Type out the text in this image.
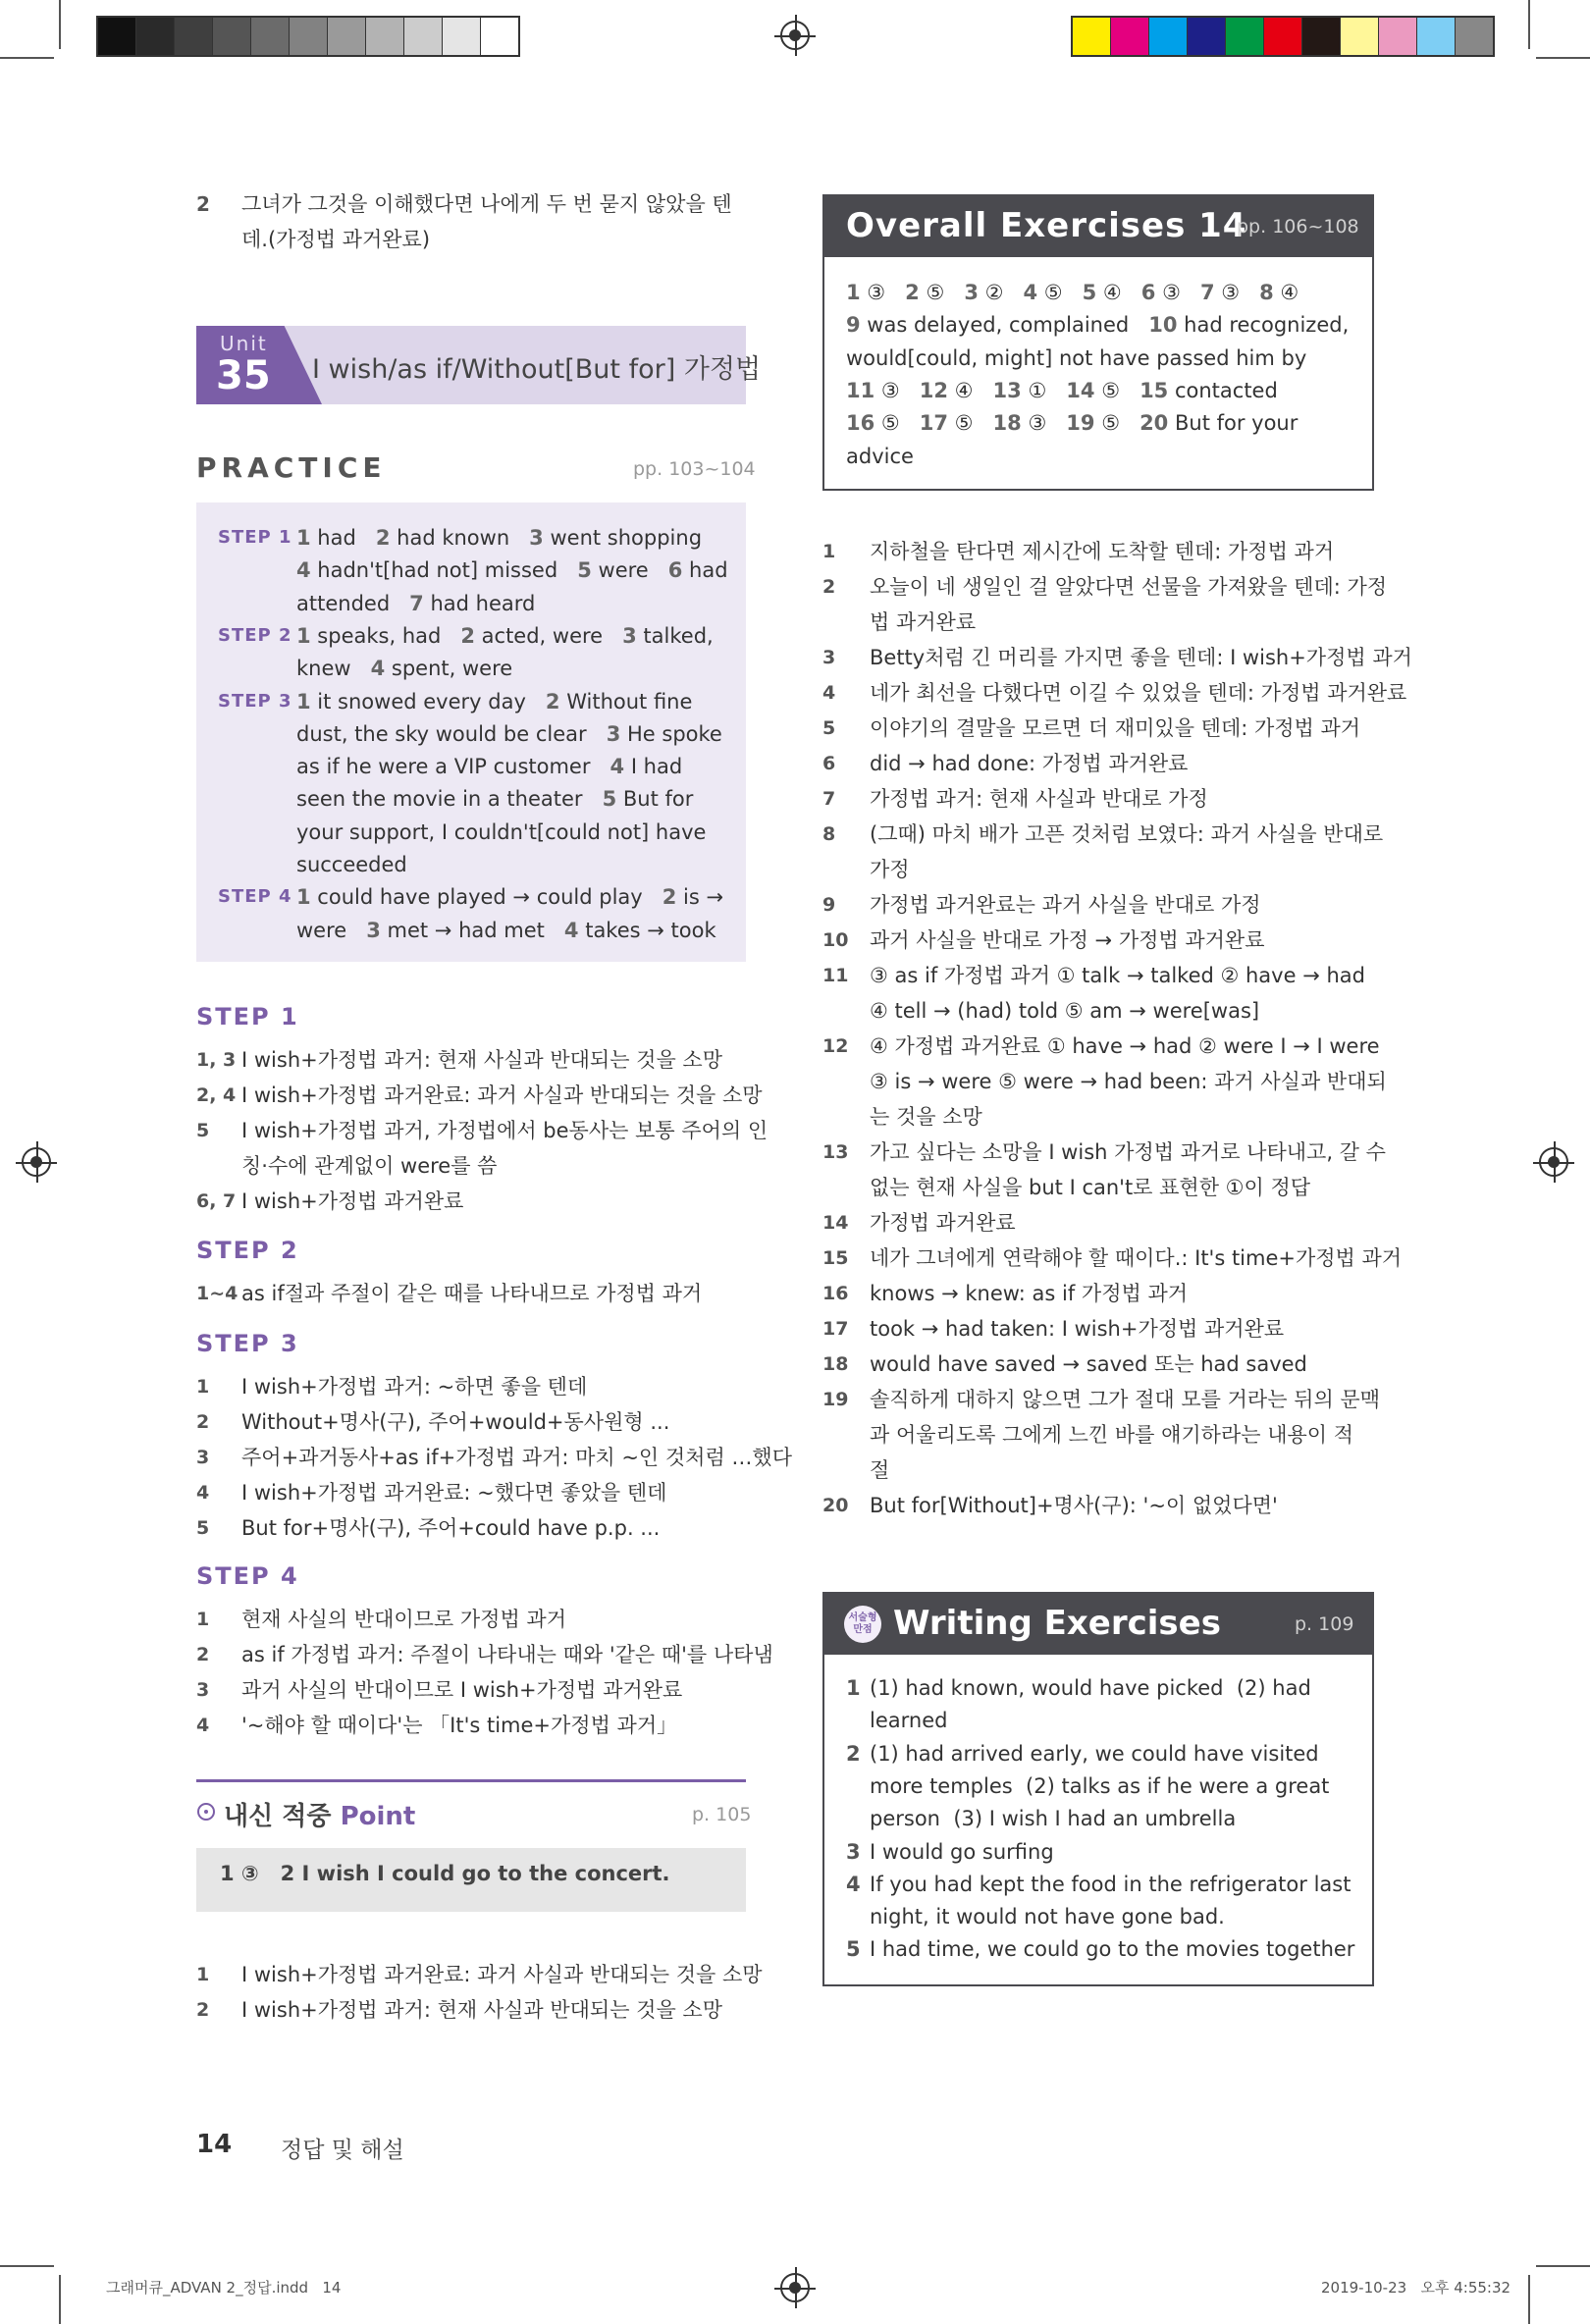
2 그녀가 그것을 이해했다면 나에게 두 번 묻지 않았을 텐
데.(가정법 과거완료)
Unit
35 I wish/as if/Without[But for] 가정법
PRACTICE	pp. 103~104
STEP 1 1 had   2 had known   3 went shopping
4 hadn't[had not] missed   5 were   6 had
attended   7 had heard
STEP 2 1 speaks, had   2 acted, were   3 talked,
knew   4 spent, were
STEP 3 1 it snowed every day   2 Without fine
dust, the sky would be clear   3 He spoke
as if he were a VIP customer   4 I had
seen the movie in a theater   5 But for
your support, I couldn't[could not] have
succeeded
STEP 4 1 could have played → could play   2 is →
were   3 met → had met   4 takes → took
STEP 1
1, 3 I wish+가정법 과거: 현재 사실과 반대되는 것을 소망
2, 4 I wish+가정법 과거완료: 과거 사실과 반대되는 것을 소망
5 I wish+가정법 과거, 가정법에서 be동사는 보통 주어의 인
칭·수에 관계없이 were를 씀
6, 7 I wish+가정법 과거완료
STEP 2
1~4 as if절과 주절이 같은 때를 나타내므로 가정법 과거
STEP 3
1 I wish+가정법 과거: ~하면 좋을 텐데
2 Without+명사(구), 주어+would+동사원형 ...
3 주어+과거동사+as if+가정법 과거: 마치 ~인 것처럼 …했다
4 I wish+가정법 과거완료: ~했다면 좋았을 텐데
5 But for+명사(구), 주어+could have p.p. ...
STEP 4
1 현재 사실의 반대이므로 가정법 과거
2 as if 가정법 과거: 주절이 나타내는 때와 '같은 때'를 나타냄
3 과거 사실의 반대이므로 I wish+가정법 과거완료
4 '~해야 할 때이다'는 「It's time+가정법 과거」
내신 적중 Point	p. 105
1 ③   2 I wish I could go to the concert.
1 I wish+가정법 과거완료: 과거 사실과 반대되는 것을 소망
2 I wish+가정법 과거: 현재 사실과 반대되는 것을 소망
Overall Exercises 14
pp. 106~108
1 ③   2 ⑤   3 ②   4 ⑤   5 ④   6 ③   7 ③   8 ④
9 was delayed, complained   10 had recognized,
would[could, might] not have passed him by
11 ③   12 ④   13 ①   14 ⑤   15 contacted
16 ⑤   17 ⑤   18 ③   19 ⑤   20 But for your
advice
1 지하철을 탄다면 제시간에 도착할 텐데: 가정법 과거
2 오늘이 네 생일인 걸 알았다면 선물을 가져왔을 텐데: 가정
법 과거완료
3 Betty처럼 긴 머리를 가지면 좋을 텐데: I wish+가정법 과거
4 네가 최선을 다했다면 이길 수 있었을 텐데: 가정법 과거완료
5 이야기의 결말을 모르면 더 재미있을 텐데: 가정법 과거
6 did → had done: 가정법 과거완료
7 가정법 과거: 현재 사실과 반대로 가정
8 (그때) 마치 배가 고픈 것처럼 보였다: 과거 사실을 반대로
가정
9 가정법 과거완료는 과거 사실을 반대로 가정
10 과거 사실을 반대로 가정 → 가정법 과거완료
11 ③ as if 가정법 과거 ① talk → talked ② have → had
④ tell → (had) told ⑤ am → were[was]
12 ④ 가정법 과거완료 ① have → had ② were I → I were
③ is → were ⑤ were → had been: 과거 사실과 반대되
는 것을 소망
13 가고 싶다는 소망을 I wish 가정법 과거로 나타내고, 갈 수
없는 현재 사실을 but I can't로 표현한 ①이 정답
14 가정법 과거완료
15 네가 그녀에게 연락해야 할 때이다.: It's time+가정법 과거
16 knows → knew: as if 가정법 과거
17 took → had taken: I wish+가정법 과거완료
18 would have saved → saved 또는 had saved
19 솔직하게 대하지 않으면 그가 절대 모를 거라는 뒤의 문맥
과 어울리도록 그에게 느낀 바를 얘기하라는 내용이 적
절
20 But for[Without]+명사(구): '~이 없었다면'
서술형 만점 Writing Exercises	p. 109
1 (1) had known, would have picked  (2) had
learned
2 (1) had arrived early, we could have visited
more temples  (2) talks as if he were a great
person  (3) I wish I had an umbrella
3 I would go surfing
4 If you had kept the food in the refrigerator last
night, it would not have gone bad.
5 I had time, we could go to the movies together
14 정답 및 해설
그래머큐_ADVAN 2_정답.indd   14	2019-10-23   오후 4:55:32
